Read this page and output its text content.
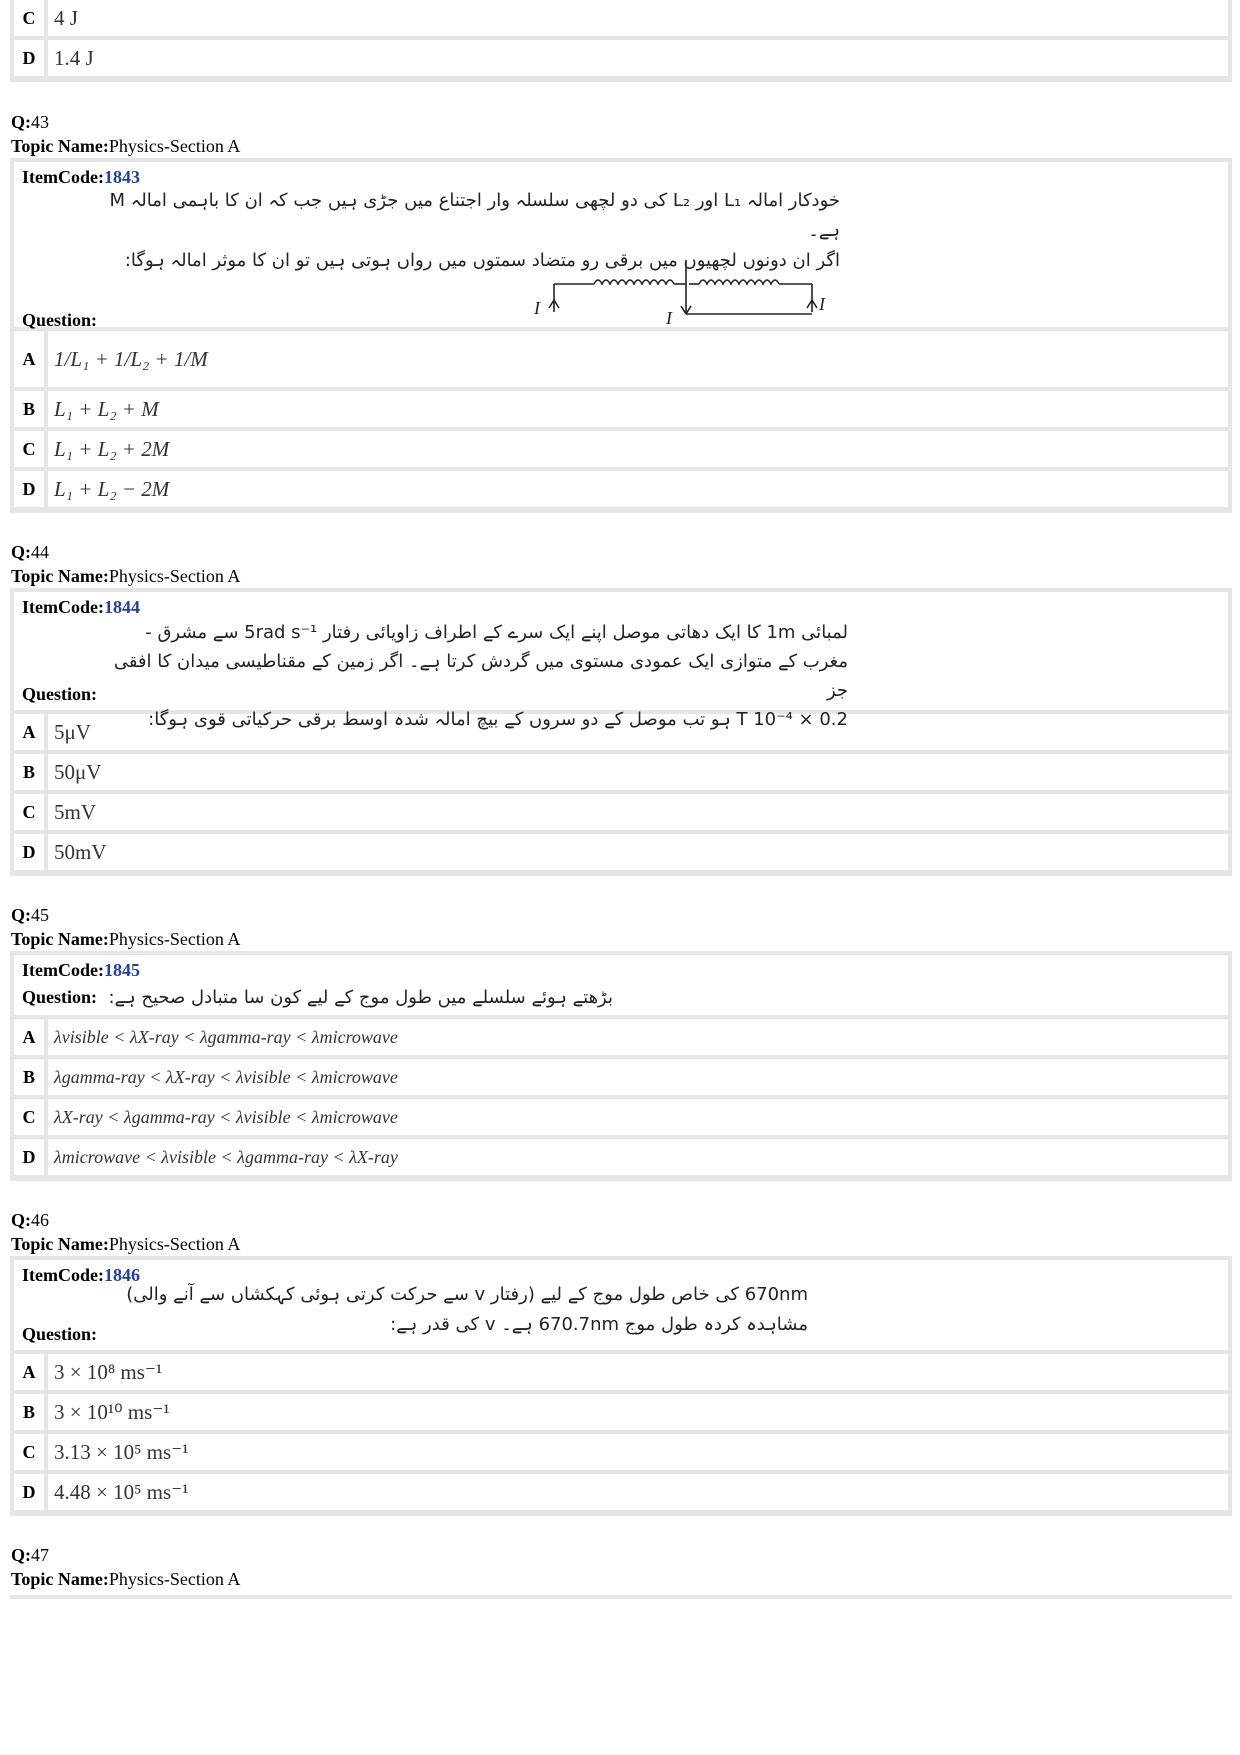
C 4 J
D 1.4 J
Q:43
Topic Name:Physics-Section A
ItemCode:1843
خودکار امالہ L₁ اور L₂ کی دو لچھی سلسلہ وار اجتناع میں جڑی ہیں جب کہ ان کا باہمی امالہ M ہے۔
اگر ان دونوں لچھیوں میں برقی رو متضاد سمتوں میں رواں ہوتی ہیں تو ان کا موثر امالہ ہوگا:
I	I
I
Question:
A 1/L₁ + 1/L₂ + 1/M
B L₁ + L₂ + M
C L₁ + L₂ + 2M
D L₁ + L₂ − 2M
Q:44
Topic Name:Physics-Section A
ItemCode:1844
لمبائی 1m کا ایک دھاتی موصل اپنے ایک سرے کے اطراف زاویائی رفتار 5rad s⁻¹ سے مشرق -
مغرب کے متوازی ایک عمودی مستوی میں گردش کرتا ہے۔ اگر زمین کے مقناطیسی میدان کا افقی جز
0.2 × 10⁻⁴ T ہو تب موصل کے دو سروں کے بیچ امالہ شدہ اوسط برقی حرکیاتی قوی ہوگا:
Question:
A 5μV
B 50μV
C 5mV
D 50mV
Q:45
Topic Name:Physics-Section A
ItemCode:1845
Question: بڑھتے ہوئے سلسلے میں طول موج کے لیے کون سا متبادل صحیح ہے:
A	λvisible < λX-ray < λgamma-ray < λmicrowave
B	λgamma-ray < λX-ray < λvisible < λmicrowave
C	λX-ray < λgamma-ray < λvisible < λmicrowave
D	λmicrowave < λvisible < λgamma-ray < λX-ray
Q:46
Topic Name:Physics-Section A
ItemCode:1846
670nm کی خاص طول موج کے لیے (رفتار v سے حرکت کرتی ہوئی کہکشاں سے آنے والی)
مشاہدہ کردہ طول موج 670.7nm ہے۔ v کی قدر ہے:
Question:
A 3 × 10⁸ ms⁻¹
B 3 × 10¹⁰ ms⁻¹
C 3.13 × 10⁵ ms⁻¹
D 4.48 × 10⁵ ms⁻¹
Q:47
Topic Name:Physics-Section A
